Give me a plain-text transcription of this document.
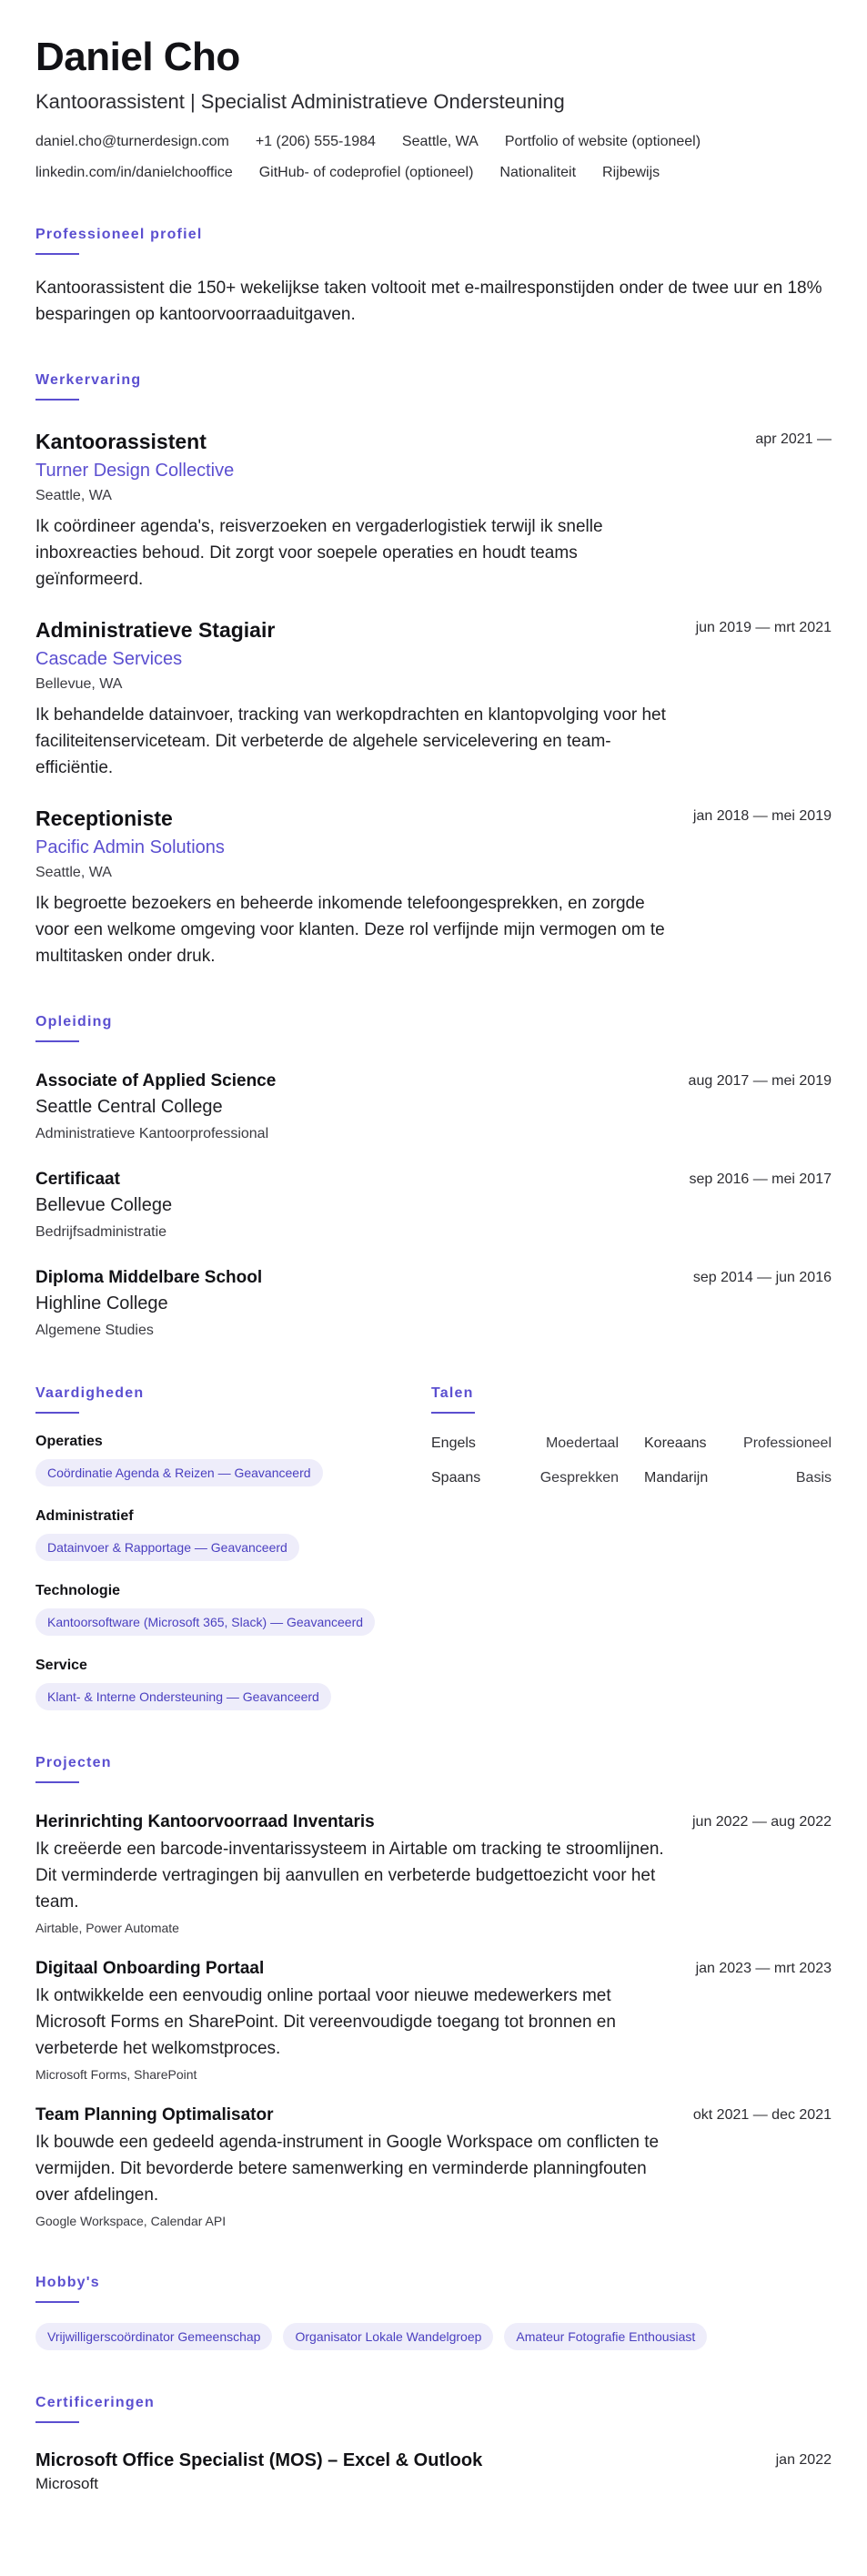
Daniel Cho
Kantoorassistent | Specialist Administratieve Ondersteuning
daniel.cho@turnerdesign.com +1 (206) 555-1984 Seattle, WA Portfolio of website (optioneel)
linkedin.com/in/danielchooffice GitHub- of codeprofiel (optioneel) Nationaliteit Rijbewijs
Professioneel profiel
Kantoorassistent die 150+ wekelijkse taken voltooit met e-mailresponstijden onder de twee uur en 18% besparingen op kantoorvoorraaduitgaven.
Werkervaring
Kantoorassistent
Turner Design Collective
Seattle, WA
Ik coördineer agenda's, reisverzoeken en vergaderlogistiek terwijl ik snelle inboxreacties behoud. Dit zorgt voor soepele operaties en houdt teams geïnformeerd.
apr 2021 —
Administratieve Stagiair
Cascade Services
Bellevue, WA
Ik behandelde datainvoer, tracking van werkopdrachten en klantopvolging voor het faciliteitenserviceteam. Dit verbeterde de algehele servicelevering en team-efficiëntie.
jun 2019 — mrt 2021
Receptioniste
Pacific Admin Solutions
Seattle, WA
Ik begroette bezoekers en beheerde inkomende telefoongesprekken, en zorgde voor een welkome omgeving voor klanten. Deze rol verfijnde mijn vermogen om te multitasken onder druk.
jan 2018 — mei 2019
Opleiding
Associate of Applied Science
Seattle Central College
Administratieve Kantoorprofessional
aug 2017 — mei 2019
Certificaat
Bellevue College
Bedrijfsadministratie
sep 2016 — mei 2017
Diploma Middelbare School
Highline College
Algemene Studies
sep 2014 — jun 2016
Vaardigheden
Operaties
Coördinatie Agenda & Reizen — Geavanceerd
Administratief
Datainvoer & Rapportage — Geavanceerd
Technologie
Kantoorsoftware (Microsoft 365, Slack) — Geavanceerd
Service
Klant- & Interne Ondersteuning — Geavanceerd
Talen
Engels	Moedertaal	Koreaans	Professioneel
Spaans	Gesprekken	Mandarijn	Basis
Projecten
Herinrichting Kantoorvoorraad Inventaris
Ik creëerde een barcode-inventarissysteem in Airtable om tracking te stroomlijnen. Dit verminderde vertragingen bij aanvullen en verbeterde budgettoezicht voor het team.
Airtable, Power Automate
jun 2022 — aug 2022
Digitaal Onboarding Portaal
Ik ontwikkelde een eenvoudig online portaal voor nieuwe medewerkers met Microsoft Forms en SharePoint. Dit vereenvoudigde toegang tot bronnen en verbeterde het welkomstproces.
Microsoft Forms, SharePoint
jan 2023 — mrt 2023
Team Planning Optimalisator
Ik bouwde een gedeeld agenda-instrument in Google Workspace om conflicten te vermijden. Dit bevorderde betere samenwerking en verminderde planningfouten over afdelingen.
Google Workspace, Calendar API
okt 2021 — dec 2021
Hobby's
Vrijwilligerscoördinator Gemeenschap	Organisator Lokale Wandelgroep	Amateur Fotografie Enthousiast
Certificeringen
Microsoft Office Specialist (MOS) – Excel & Outlook
Microsoft
jan 2022
